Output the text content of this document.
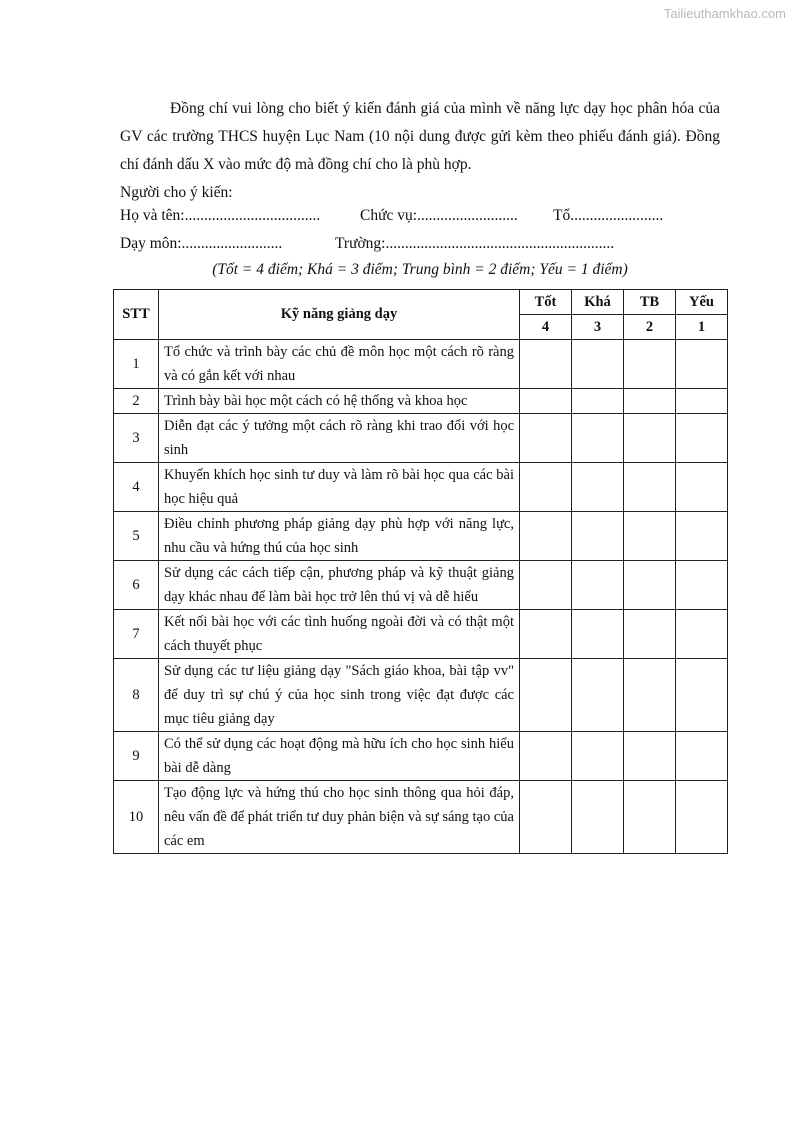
Tailieuthamkhao.com

Đồng chí vui lòng cho biết ý kiến đánh giá của mình về năng lực dạy học phân hóa của GV các trường THCS huyện Lục Nam (10 nội dung được gửi kèm theo phiếu đánh giá). Đồng chí đánh dấu X vào mức độ mà đồng chí cho là phù hợp.

Người cho ý kiến:
Họ và tên:...................................	Chức vụ:.......................... Tổ........................
Dạy môn:..........................	Trường:...........................................................
(Tốt = 4 điểm; Khá = 3 điểm; Trung bình = 2 điểm; Yếu = 1 điểm)
STT	Kỹ năng giảng dạy	Tốt	Khá	TB	Yếu
		4	3	2	1
1	Tổ chức và trình bày các chủ đề môn học một cách rõ ràng và có gắn kết với nhau				
2	Trình bày bài học một cách có hệ thống và khoa học				
3	Diễn đạt các ý tưởng một cách rõ ràng khi trao đổi với học sinh				
4	Khuyến khích học sinh tư duy và làm rõ bài học qua các bài học hiệu quả				
5	Điều chỉnh phương pháp giảng dạy phù hợp với năng lực, nhu cầu và hứng thú của học sinh				
6	Sử dụng các cách tiếp cận, phương pháp và kỹ thuật giảng dạy khác nhau để làm bài học trở lên thú vị và dễ hiểu				
7	Kết nối bài học với các tình huống ngoài đời và có thật một cách thuyết phục				
8	Sử dụng các tư liệu giảng dạy "Sách giáo khoa, bài tập vv" để duy trì sự chú ý của học sinh trong việc đạt được các mục tiêu giảng dạy				
9	Có thể sử dụng các hoạt động mà hữu ích cho học sinh hiểu bài dễ dàng				
10	Tạo động lực và hứng thú cho học sinh thông qua hỏi đáp, nêu vấn đề để phát triển tư duy phản biện và sự sáng tạo của các em				
